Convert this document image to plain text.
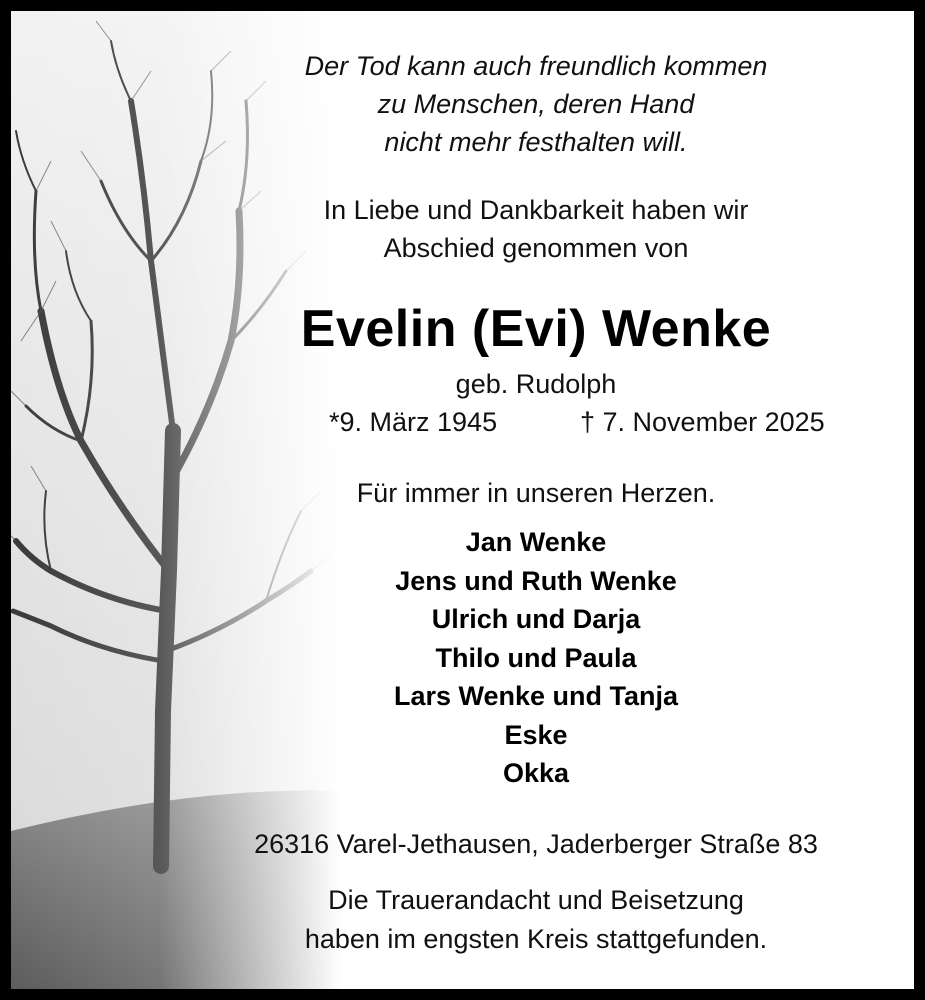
Der Tod kann auch freundlich kommen
zu Menschen, deren Hand
nicht mehr festhalten will.
In Liebe und Dankbarkeit haben wir
Abschied genommen von
Evelin (Evi) Wenke
geb. Rudolph
*9. März 1945	† 7. November 2025
Für immer in unseren Herzen.
Jan Wenke
Jens und Ruth Wenke
Ulrich und Darja
Thilo und Paula
Lars Wenke und Tanja
Eske
Okka
26316 Varel-Jethausen, Jaderberger Straße 83
Die Trauerandacht und Beisetzung
haben im engsten Kreis stattgefunden.
